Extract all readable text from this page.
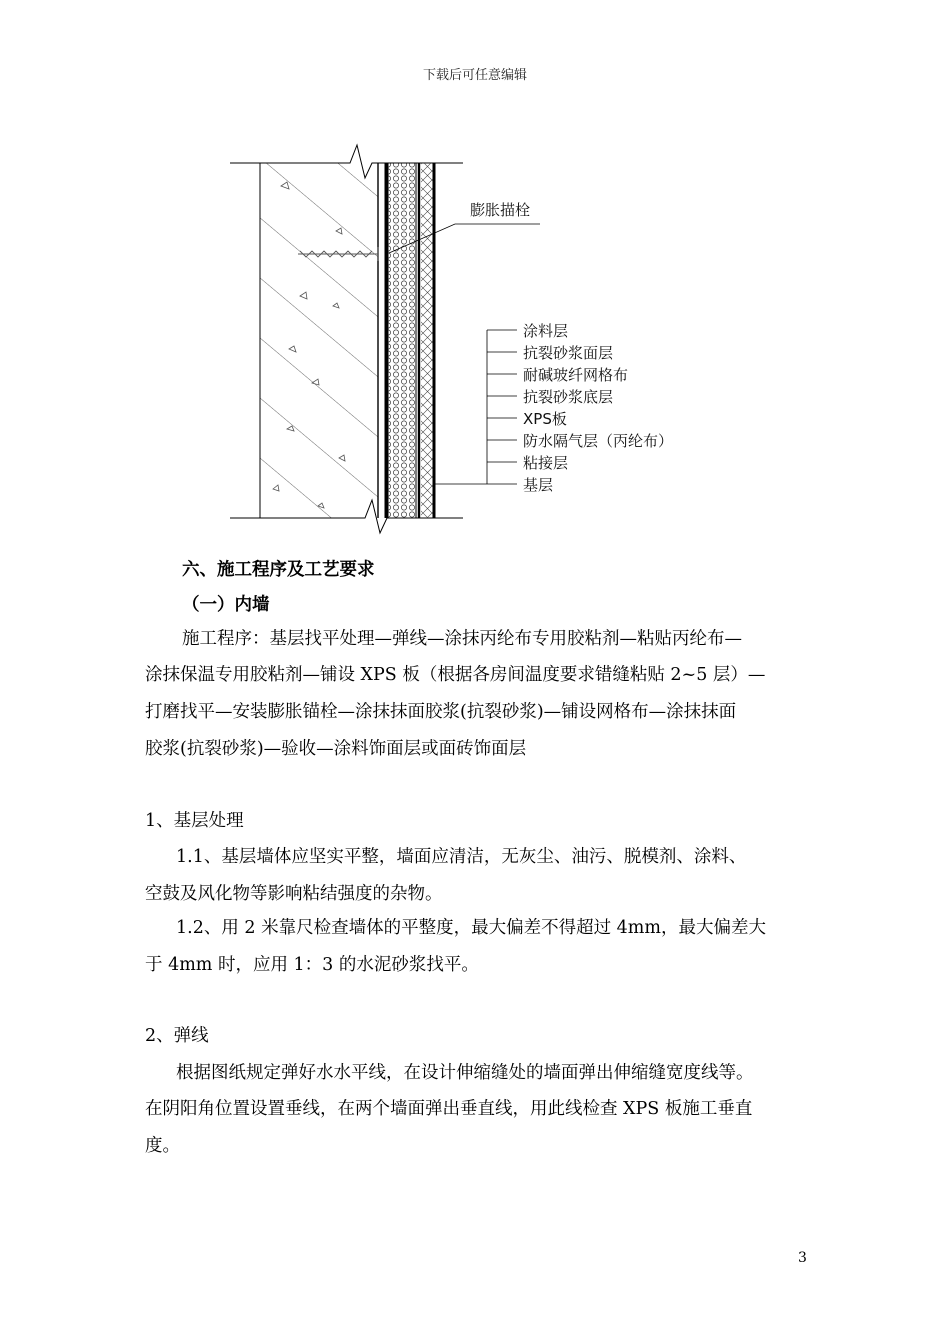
下载后可任意编辑
膨胀描栓
涂料层
抗裂砂浆面层
耐碱玻纤网格布
抗裂砂浆底层
XPS板
防水隔气层（丙纶布）
粘接层
基层
六、施工程序及工艺要求
（一）内墙
施工程序：基层找平处理—弹线—涂抹丙纶布专用胶粘剂—粘贴丙纶布—
涂抹保温专用胶粘剂—铺设 XPS 板（根据各房间温度要求错缝粘贴 2~5 层）—
打磨找平—安装膨胀锚栓—涂抹抹面胶浆(抗裂砂浆)—铺设网格布—涂抹抹面
胶浆(抗裂砂浆)—验收—涂料饰面层或面砖饰面层
1、基层处理
1.1、基层墙体应坚实平整，墙面应清洁，无灰尘、油污、脱模剂、涂料、
空鼓及风化物等影响粘结强度的杂物。
1.2、用 2 米靠尺检查墙体的平整度，最大偏差不得超过 4mm，最大偏差大
于 4mm 时，应用 1：3 的水泥砂浆找平。
2、弹线
根据图纸规定弹好水水平线，在设计伸缩缝处的墙面弹出伸缩缝宽度线等。
在阴阳角位置设置垂线，在两个墙面弹出垂直线，用此线检查 XPS 板施工垂直
度。
3
